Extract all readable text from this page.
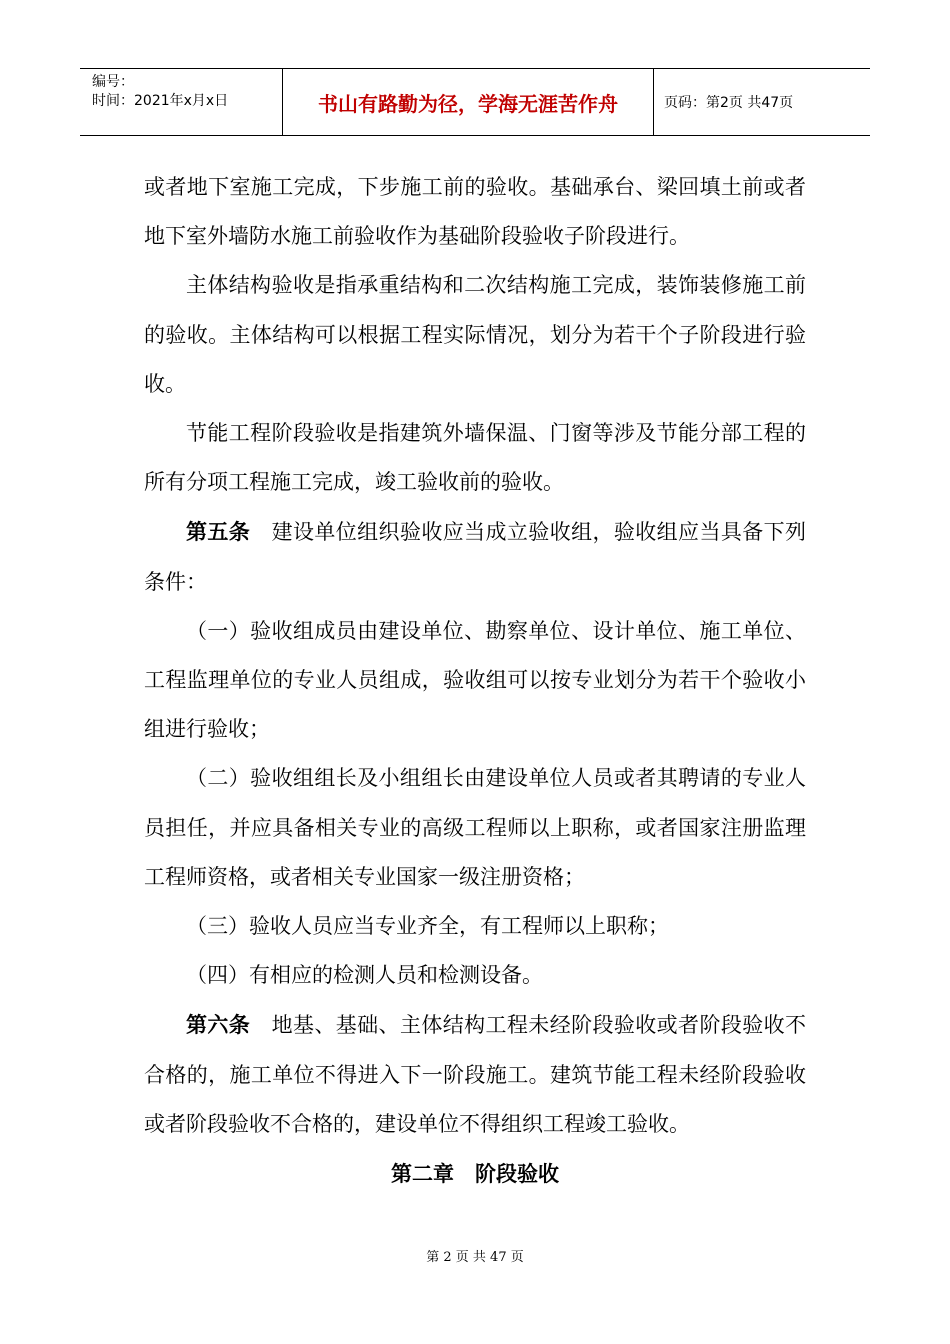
编号：
时间：2021年x月x日	书山有路勤为径，学海无涯苦作舟	页码：第2页 共47页

或者地下室施工完成，下步施工前的验收。基础承台、梁回填土前或者地下室外墙防水施工前验收作为基础阶段验收子阶段进行。

主体结构验收是指承重结构和二次结构施工完成，装饰装修施工前的验收。主体结构可以根据工程实际情况，划分为若干个子阶段进行验收。

节能工程阶段验收是指建筑外墙保温、门窗等涉及节能分部工程的所有分项工程施工完成，竣工验收前的验收。

第五条　 建设单位组织验收应当成立验收组，验收组应当具备下列条件：

（一）验收组成员由建设单位、勘察单位、设计单位、施工单位、工程监理单位的专业人员组成，验收组可以按专业划分为若干个验收小组进行验收；

（二）验收组组长及小组组长由建设单位人员或者其聘请的专业人员担任，并应具备相关专业的高级工程师以上职称，或者国家注册监理工程师资格，或者相关专业国家一级注册资格；

（三）验收人员应当专业齐全，有工程师以上职称；

（四）有相应的检测人员和检测设备。

第六条　 地基、基础、主体结构工程未经阶段验收或者阶段验收不合格的，施工单位不得进入下一阶段施工。建筑节能工程未经阶段验收或者阶段验收不合格的，建设单位不得组织工程竣工验收。

第二章　阶段验收

第 2 页 共 47 页
